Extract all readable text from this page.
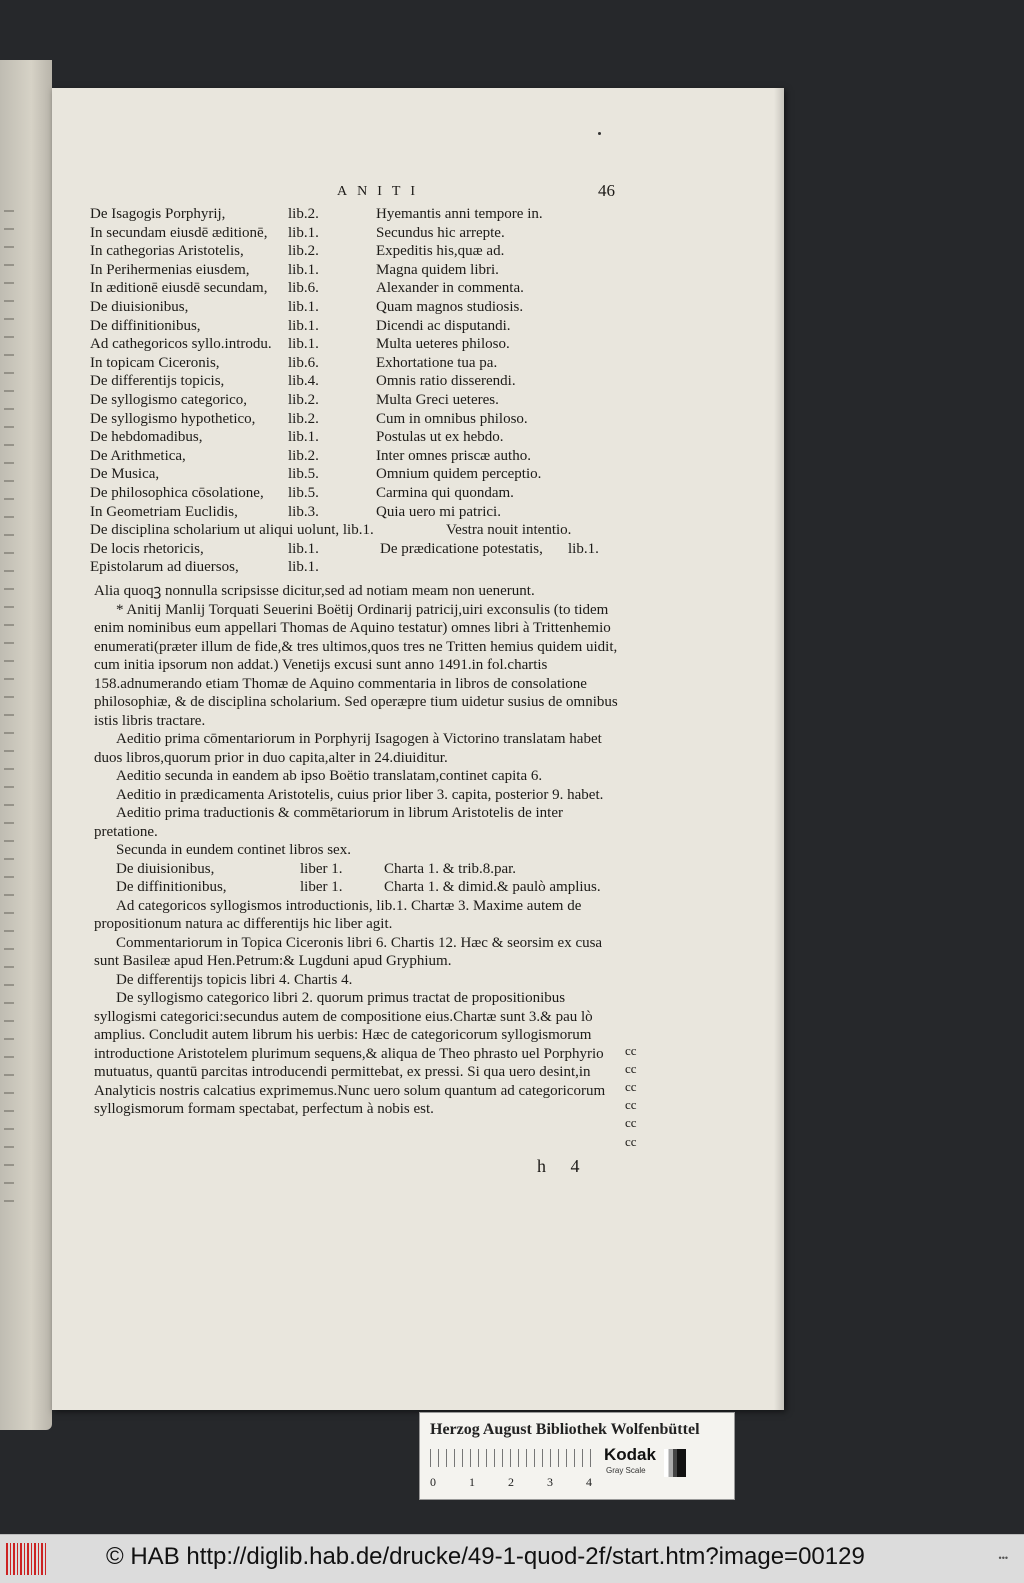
ANITI	46
De Isagogis Porphyrij,	lib.2.	Hyemantis anni tempore in.
In secundam eiusdē æditionē, lib.1.	Secundus hic arrepte.
In cathegorias Aristotelis,	lib.2.	Expeditis his,quæ ad.
In Perihermenias eiusdem,	lib.1.	Magna quidem libri.
In æditionē eiusdē secundam, lib.6.	Alexander in commenta.
De diuisionibus,	lib.1.	Quam magnos studiosis.
De diffinitionibus,	lib.1.	Dicendi ac disputandi.
Ad cathegoricos syllo.introdu. lib.1.	Multa ueteres philoso.
In topicam Ciceronis,	lib.6.	Exhortatione tua pa.
De differentijs topicis,	lib.4.	Omnis ratio disserendi.
De syllogismo categorico,	lib.2.	Multa Greci ueteres.
De syllogismo hypothetico, lib.2.	Cum in omnibus philoso.
De hebdomadibus,	lib.1.	Postulas ut ex hebdo.
De Arithmetica,	lib.2.	Inter omnes priscæ autho.
De Musica,	lib.5.	Omnium quidem perceptio.
De philosophica cōsolatione, lib.5.	Carmina qui quondam.
In Geometriam Euclidis,	lib.3.	Quia uero mi patrici.
De disciplina scholarium ut aliqui uolunt, lib.1.	Vestra nouit intentio.
De locis rhetoricis,	lib.1.	De prædicatione potestatis, lib.1.
Epistolarum ad diuersos,	lib.1.

Alia quoqꝫ nonnulla scripsisse dicitur,sed ad notiam meam non uenerunt.

* Anitij Manlij Torquati Seuerini Boëtij Ordinarij patricij,uiri exconsulis (to tidem enim nominibus eum appellari Thomas de Aquino testatur) omnes libri à Trittenhemio enumerati(præter illum de fide,& tres ultimos,quos tres ne Tritten hemius quidem uidit, cum initia ipsorum non addat.) Venetijs excusi sunt anno 1491.in fol.chartis 158.adnumerando etiam Thomæ de Aquino commentaria in libros de consolatione philosophiæ, & de disciplina scholarium. Sed operæpre tium uidetur susius de omnibus istis libris tractare.

Aeditio prima cōmentariorum in Porphyrij Isagogen à Victorino translatam habet duos libros,quorum prior in duo capita,alter in 24.diuiditur.

Aeditio secunda in eandem ab ipso Boëtio translatam,continet capita 6.

Aeditio in prædicamenta Aristotelis, cuius prior liber 3. capita, posterior 9. habet.

Aeditio prima traductionis & commētariorum in librum Aristotelis de inter pretatione.

Secunda in eundem continet libros sex.

De diuisionibus,	liber 1.	Charta 1. & trib.8.par.
De diffinitionibus,	liber 1.	Charta 1. & dimid.& paulò amplius.

Ad categoricos syllogismos introductionis, lib.1. Chartæ 3. Maxime autem de propositionum natura ac differentijs hic liber agit.

Commentariorum in Topica Ciceronis libri 6. Chartis 12. Hæc & seorsim ex cusa sunt Basileæ apud Hen.Petrum:& Lugduni apud Gryphium.

De differentijs topicis libri 4. Chartis 4.

De syllogismo categorico libri 2. quorum primus tractat de propositionibus syllogismi categorici:secundus autem de compositione eius.Chartæ sunt 3.& pau lò amplius. Concludit autem librum his uerbis: Hæc de categoricorum syllogismorum introductione Aristotelem plurimum sequens,& aliqua de Theo phrasto uel Porphyrio mutuatus, quantū parcitas introducendi permittebat, ex pressi. Si qua uero desint,in Analyticis nostris calcatius exprimemus.Nunc uero solum quantum ad categoricorum syllogismorum formam spectabat, perfectum à nobis est.

cc
cc
cc
cc
cc
cc
h 4
Herzog August Bibliothek Wolfenbüttel
0	1	2	3	4
Kodak
Gray Scale
© HAB http://diglib.hab.de/drucke/49-1-quod-2f/start.htm?image=00129	•••
